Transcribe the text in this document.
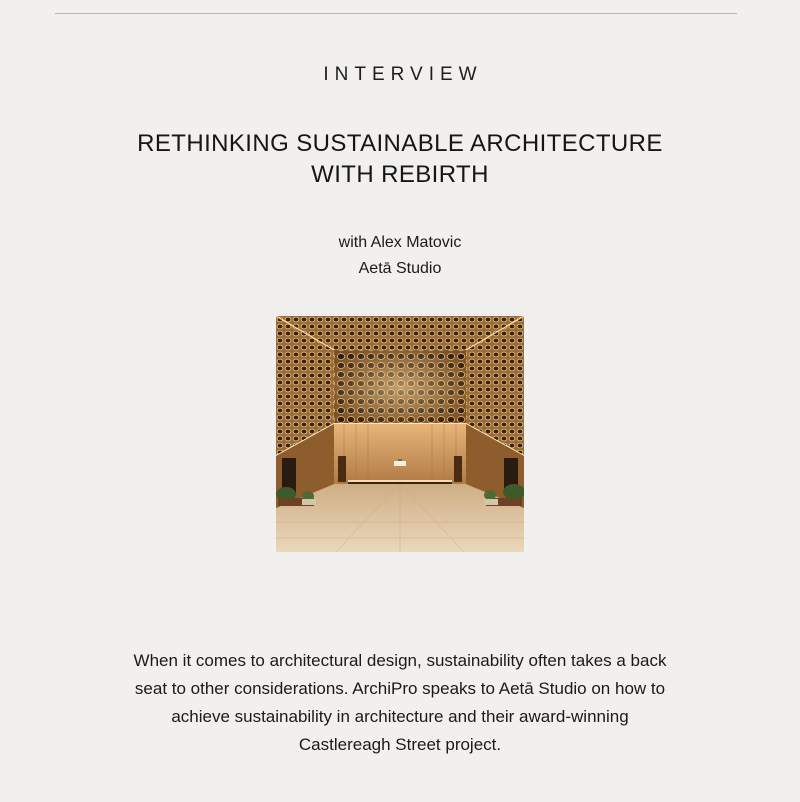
INTERVIEW
RETHINKING SUSTAINABLE ARCHITECTURE
WITH REBIRTH
with Alex Matovic
Aetā Studio

When it comes to architectural design, sustainability often takes a back
seat to other considerations. ArchiPro speaks to Aetā Studio on how to
achieve sustainability in architecture and their award-winning
Castlereagh Street project.
